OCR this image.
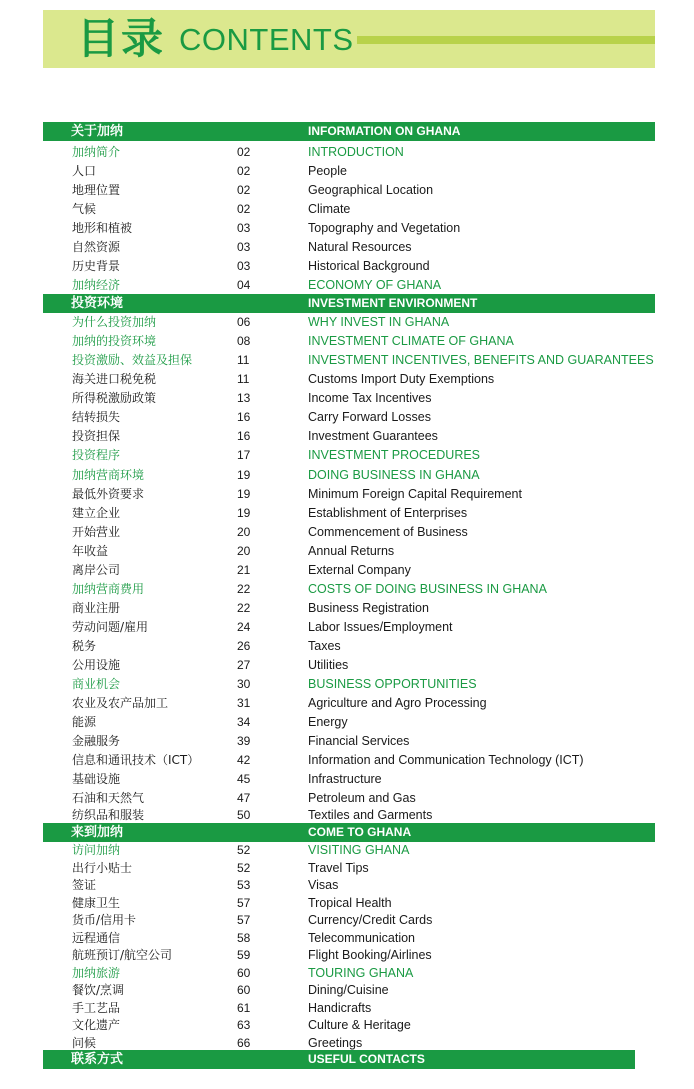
目录 CONTENTS
关于加纳	INFORMATION ON GHANA
加纳简介	02	INTRODUCTION
人口	02	People
地理位置	02	Geographical Location
气候	02	Climate
地形和植被	03	Topography and Vegetation
自然资源	03	Natural Resources
历史背景	03	Historical Background
加纳经济	04	ECONOMY OF GHANA
投资环境	INVESTMENT ENVIRONMENT
为什么投资加纳	06	WHY INVEST IN GHANA
加纳的投资环境	08	INVESTMENT CLIMATE OF GHANA
投资激励、效益及担保	11	INVESTMENT INCENTIVES, BENEFITS AND GUARANTEES
海关进口税免税	11	Customs Import Duty Exemptions
所得税激励政策	13	Income Tax Incentives
结转损失	16	Carry Forward Losses
投资担保	16	Investment Guarantees
投资程序	17	INVESTMENT PROCEDURES
加纳营商环境	19	DOING BUSINESS IN GHANA
最低外资要求	19	Minimum Foreign Capital Requirement
建立企业	19	Establishment of Enterprises
开始营业	20	Commencement of Business
年收益	20	Annual Returns
离岸公司	21	External Company
加纳营商费用	22	COSTS OF DOING BUSINESS IN GHANA
商业注册	22	Business Registration
劳动问题/雇用	24	Labor Issues/Employment
税务	26	Taxes
公用设施	27	Utilities
商业机会	30	BUSINESS OPPORTUNITIES
农业及农产品加工	31	Agriculture and Agro Processing
能源	34	Energy
金融服务	39	Financial Services
信息和通讯技术（ICT）	42	Information and Communication Technology (ICT)
基础设施	45	Infrastructure
石油和天然气	47	Petroleum and Gas
纺织品和服装	50	Textiles and Garments
来到加纳	COME TO GHANA
访问加纳	52	VISITING GHANA
出行小贴士	52	Travel Tips
签证	53	Visas
健康卫生	57	Tropical Health
货币/信用卡	57	Currency/Credit Cards
远程通信	58	Telecommunication
航班预订/航空公司	59	Flight Booking/Airlines
加纳旅游	60	TOURING GHANA
餐饮/烹调	60	Dining/Cuisine
手工艺品	61	Handicrafts
文化遗产	63	Culture & Heritage
问候	66	Greetings
联系方式	USEFUL CONTACTS
